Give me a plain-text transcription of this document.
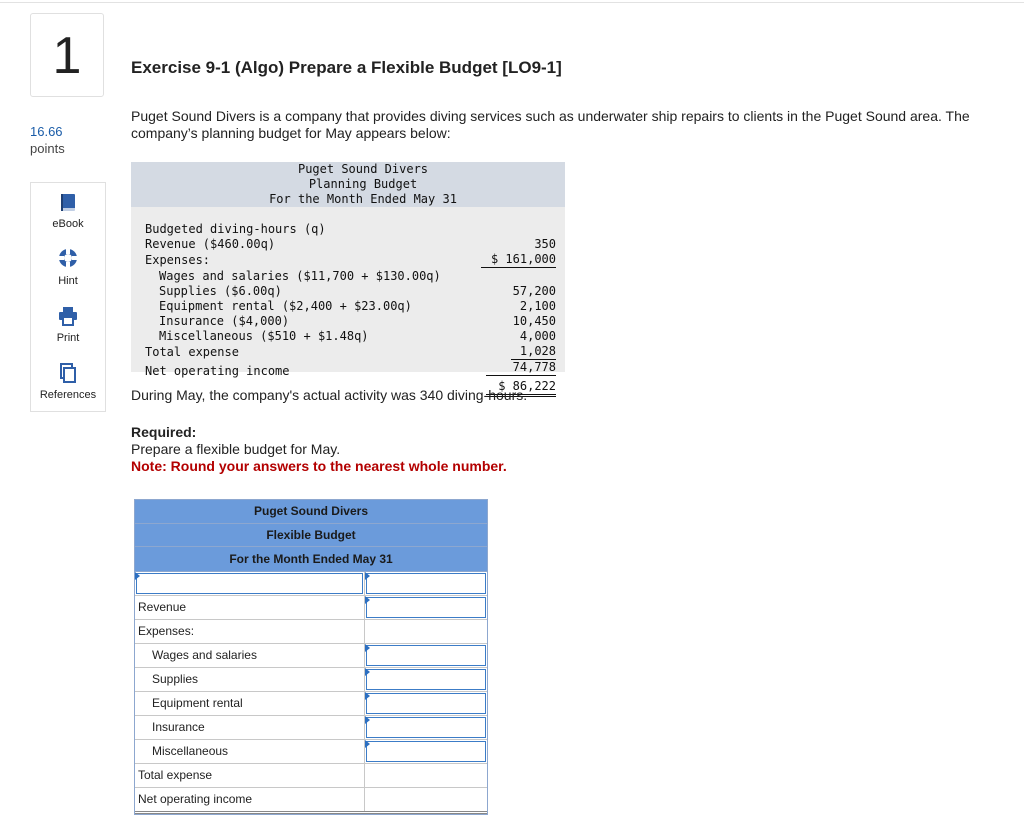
1
16.66
points
eBook
Hint
Print
References
Exercise 9-1 (Algo) Prepare a Flexible Budget [LO9-1]
Puget Sound Divers is a company that provides diving services such as underwater ship repairs to clients in the Puget Sound area. The company’s planning budget for May appears below:
Puget Sound Divers
Planning Budget
For the Month Ended May 31

Budgeted diving-hours (q)

350

Revenue ($460.00q)

$ 161,000

Expenses:

Wages and salaries ($11,700 + $130.00q)

57,200

Supplies ($6.00q)

2,100

Equipment rental ($2,400 + $23.00q)

10,450

Insurance ($4,000)

4,000

Miscellaneous ($510 + $1.48q)

1,028

Total expense

74,778

Net operating income

$ 86,222

During May, the company's actual activity was 340 diving-hours.
Required:
Prepare a flexible budget for May.
Note: Round your answers to the nearest whole number.
Puget Sound Divers
Flexible Budget
For the Month Ended May 31
Revenue
Expenses:
Wages and salaries
Supplies
Equipment rental
Insurance
Miscellaneous
Total expense
Net operating income
